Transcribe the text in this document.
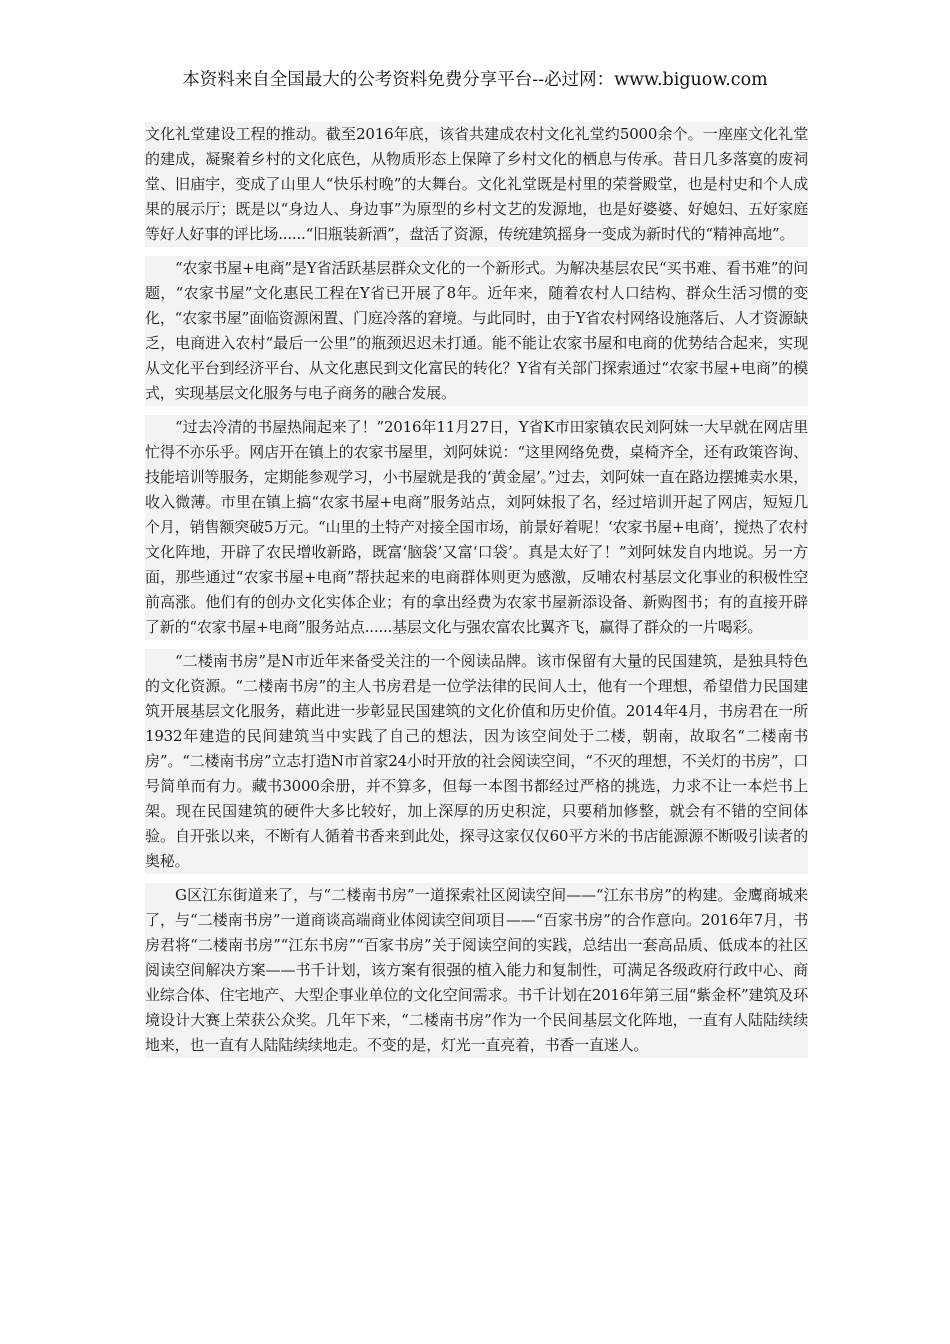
本资料来自全国最大的公考资料免费分享平台--必过网：www.biguow.com

文化礼堂建设工程的推动。截至2016年底，该省共建成农村文化礼堂约5000余个。一座座文化礼堂的建成，凝聚着乡村的文化底色，从物质形态上保障了乡村文化的栖息与传承。昔日几多落寞的废祠堂、旧庙宇，变成了山里人“快乐村晚”的大舞台。文化礼堂既是村里的荣誉殿堂，也是村史和个人成果的展示厅；既是以“身边人、身边事”为原型的乡村文艺的发源地，也是好婆婆、好媳妇、五好家庭等好人好事的评比场......“旧瓶装新酒”，盘活了资源，传统建筑摇身一变成为新时代的“精神高地”。

“农家书屋+电商”是Y省活跃基层群众文化的一个新形式。为解决基层农民“买书难、看书难”的问题，“农家书屋”文化惠民工程在Y省已开展了8年。近年来，随着农村人口结构、群众生活习惯的变化，“农家书屋”面临资源闲置、门庭冷落的窘境。与此同时，由于Y省农村网络设施落后、人才资源缺乏，电商进入农村“最后一公里”的瓶颈迟迟未打通。能不能让农家书屋和电商的优势结合起来，实现从文化平台到经济平台、从文化惠民到文化富民的转化？Y省有关部门探索通过“农家书屋+电商”的模式，实现基层文化服务与电子商务的融合发展。

“过去冷清的书屋热闹起来了！”2016年11月27日，Y省K市田家镇农民刘阿妹一大早就在网店里忙得不亦乐乎。网店开在镇上的农家书屋里，刘阿妹说：“这里网络免费，桌椅齐全，还有政策咨询、技能培训等服务，定期能参观学习，小书屋就是我的‘黄金屋’。”过去，刘阿妹一直在路边摆摊卖水果，收入微薄。市里在镇上搞“农家书屋+电商”服务站点，刘阿妹报了名，经过培训开起了网店，短短几个月，销售额突破5万元。“山里的土特产对接全国市场，前景好着呢！‘农家书屋+电商’，搅热了农村文化阵地，开辟了农民增收新路，既富‘脑袋’又富‘口袋’。真是太好了！”刘阿妹发自内地说。另一方面，那些通过“农家书屋+电商”帮扶起来的电商群体则更为感激，反哺农村基层文化事业的积极性空前高涨。他们有的创办文化实体企业；有的拿出经费为农家书屋新添设备、新购图书；有的直接开辟了新的“农家书屋+电商”服务站点......基层文化与强农富农比翼齐飞，赢得了群众的一片喝彩。

“二楼南书房”是N市近年来备受关注的一个阅读品牌。该市保留有大量的民国建筑，是独具特色的文化资源。“二楼南书房”的主人书房君是一位学法律的民间人士，他有一个理想，希望借力民国建筑开展基层文化服务，藉此进一步彰显民国建筑的文化价值和历史价值。2014年4月，书房君在一所1932年建造的民间建筑当中实践了自己的想法，因为该空间处于二楼，朝南，故取名“二楼南书房”。“二楼南书房”立志打造N市首家24小时开放的社会阅读空间，“不灭的理想，不关灯的书房”，口号简单而有力。藏书3000余册，并不算多，但每一本图书都经过严格的挑选，力求不让一本烂书上架。现在民国建筑的硬件大多比较好，加上深厚的历史积淀，只要稍加修整，就会有不错的空间体验。自开张以来，不断有人循着书香来到此处，探寻这家仅仅60平方米的书店能源源不断吸引读者的奥秘。

G区江东街道来了，与“二楼南书房”一道探索社区阅读空间——“江东书房”的构建。金鹰商城来了，与“二楼南书房”一道商谈高端商业体阅读空间项目——“百家书房”的合作意向。2016年7月，书房君将“二楼南书房”“江东书房”“百家书房”关于阅读空间的实践，总结出一套高品质、低成本的社区阅读空间解决方案——书千计划，该方案有很强的植入能力和复制性，可满足各级政府行政中心、商业综合体、住宅地产、大型企事业单位的文化空间需求。书千计划在2016年第三届“紫金杯”建筑及环境设计大赛上荣获公众奖。几年下来，“二楼南书房”作为一个民间基层文化阵地，一直有人陆陆续续地来，也一直有人陆陆续续地走。不变的是，灯光一直亮着，书香一直迷人。
